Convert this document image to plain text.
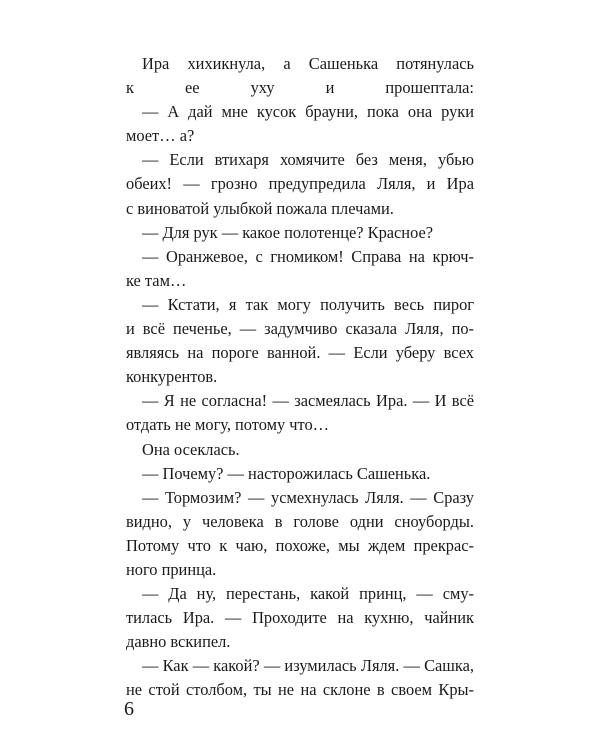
Ира хихикнула, а Сашенька потянулась
к ее уху и прошептала:
— А дай мне кусок брауни, пока она руки
моет… а?
— Если втихаря хомячите без меня, убью
обеих! — грозно предупредила Ляля, и Ира
с виноватой улыбкой пожала плечами.
— Для рук — какое полотенце? Красное?
— Оранжевое, с гномиком! Справа на крюч-
ке там…
— Кстати, я так могу получить весь пирог
и всё печенье, — задумчиво сказала Ляля, по-
являясь на пороге ванной. — Если уберу всех
конкурентов.
— Я не согласна! — засмеялась Ира. — И всё
отдать не могу, потому что…
Она осеклась.
— Почему? — насторожилась Сашенька.
— Тормозим? — усмехнулась Ляля. — Сразу
видно, у человека в голове одни сноуборды.
Потому что к чаю, похоже, мы ждем прекрас-
ного принца.
— Да ну, перестань, какой принц, — сму-
тилась Ира. — Проходите на кухню, чайник
давно вскипел.
— Как — какой? — изумилась Ляля. — Сашка,
не стой столбом, ты не на склоне в своем Кры-

6
